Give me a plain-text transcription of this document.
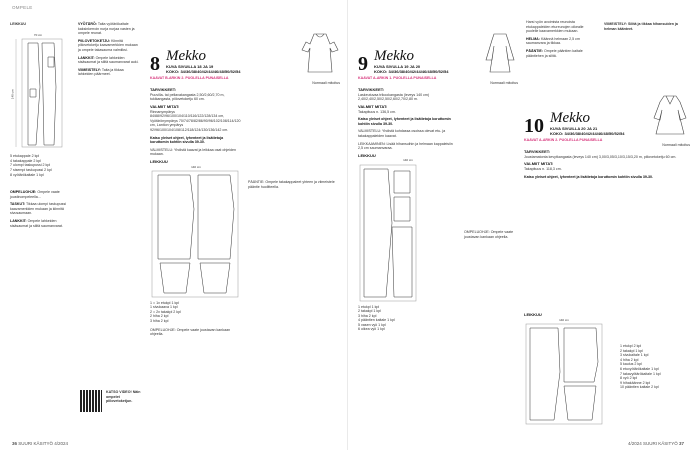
OMPELE
LEIKKUU
70 cm
140 cm
5 etukappale 2 kpl
4 takakappale 2 kpl
7 ulompi taskupussi 2 kpl
7 sisempi taskupussi 2 kpl
8 vyötärökaitale 1 kpl

OMPELUOHJE: Ompele vaate joustinompeleella...

TASKUT: Tikkaa ulompi taskupussi kaavamerkkien mukaan ja kiinnitä sivusaumaan.

LANKKIT: Ompele lahkeiden sisäsaumat ja silitä saumanvarat.

VYÖTÄRÖ: Taita vyötärökaitale kaksinkerroin nurja nurjaa vasten ja ompele reunat.

PIILOVETOKETJU: Kiinnitä piilovetoketju kaavamerkkien mukaan ja ompele takasauma valmiiksi.

LANKKIT: Ompele lahkeiden sisäsaumat ja silitä saumanvarat auki.

VIIMEISTELY: Taita ja tikkaa lahkeiden päärmeet.

KATSO VIDEO! Näin ompelet piilovetoketjun.
8 Mekko
KUVA SIVUILLA 18 JA 19
KOKO: 34/36/38/40/42/44/46/48/50/52/54
KAAVAT B-ARKIN 2. PUOLELLA PUNAISELLA
Normaali mitoitus
TARVIKKEET:

Puuvilla- tai pellavakangasta 2,50/2,60/2,70 m, tukikangasta, piilovetoketju 60 cm.

VALMIIT MITAT:

Rinnanympärys 84/88/92/96/100/104/110/116/122/128/134 cm, Vyötärönympärys 70/74/78/82/86/90/96/102/108/114/120 cm, Lantion ympärys 92/96/100/104/108/112/118/124/130/136/142 cm.

Katso yleiset ohjeet, lyhenteet ja lisätietoja koruttomin kohtiin sivulla 39-30.

VALMISTELU: Yhdistä kaavat ja leikkaa osat ohjeiden mukaan.

LEIKKUU
140 cm
1 = 1x etukpl 1 kpl
1 sivukaava 1 kpl
2 = 2x takakpl 2 kpl
2 hiha 2 kpl
3 hiha 2 kpl

OMPELUOHJE: Ompele vaate joustavan kankaan ohjeella.

PÄÄNTIE: Ompele takakappaleet yhteen ja viimeistele pääntie huolitteella.

36 SUURI KÄSITYÖ 4/2024
9 Mekko
KUVA SIVULLA 19 JA 20
KOKO: 34/36/38/40/42/44/46/48/50/52/54
KAAVAT A-ARKIN 1. PUOLELLA PUNAISELLA
Normaali mitoitus
TARVIKKEET:

Laskeutuvaa trikookangasta (leveys 140 cm) 2,40/2,40/2,50/2,50/2,60/2,70/2,80 m.

VALMIIT MITAT:

Takapituus n. 136,5 cm.

Katso yleiset ohjeet, lyhenteet ja lisätietoja koruttomin kohtiin sivulla 39-30.

VALMISTELU: Yhdistä kohdassa osoissa olevat etu- ja takakappaleiden kaavat.

LEIKKAAMINEN: Lisää hihansuihin ja helmaan kappaleisiin 2,5 cm saumanvaraa.

LEIKKUU
140 cm
1 etukpl 1 kpl
2 takakpl 1 kpl
3 hiha 2 kpl
4 pääntien kaitale 1 kpl
5 vasen vyö 1 kpl
6 oikea vyö 1 kpl

OMPELUOHJE: Ompele vaate joustavan kankaan ohjeella.

Harsi vyön avoimista reunoista etukappaleiden etureunojen oikealle puolelle kaavamerkkien mukaan.

HELMA: Käännä helmaan 2,5 cm saumanvara ja tikkaa.

PÄÄNTIE: Ompele pääntien kaitale pääntiehen ja silitä.

VIIMEISTELY: Silitä ja tikkaa hihansuiden ja helman käänteet.
10 Mekko
KUVA SIVUILLA 20 JA 21
KOKO: 34/36/38/40/42/44/46/48/50/52/54
KAAVAT A-ARKIN 2. PUOLELLA PUNAISELLA
Normaali mitoitus
TARVIKKEET:

Joustamatonta kevytkangasta (leveys 140 cm) 3,00/3,05/3,10/3,15/3,20 m, piilovetoketju 60 cm.

VALMIIT MITAT:

Takapituus n. 118,3 cm.

Katso yleiset ohjeet, lyhenteet ja lisätietoja koruttomin kohtiin sivulla 39-30.

LEIKKUU
140 cm
1 etukpl 2 kpl
2 takakpl 1 kpl
3 sivukaitale 1 kpl
4 hiha 2 kpl
5 kaulus 2 kpl
6 etuvyötärökaitale 1 kpl
7 takavyötärökaitale 1 kpl
8 vyö 2 kpl
9 hihakäänne 2 kpl
10 pääntien kaitale 2 kpl
4/2024 SUURI KÄSITYÖ 37
